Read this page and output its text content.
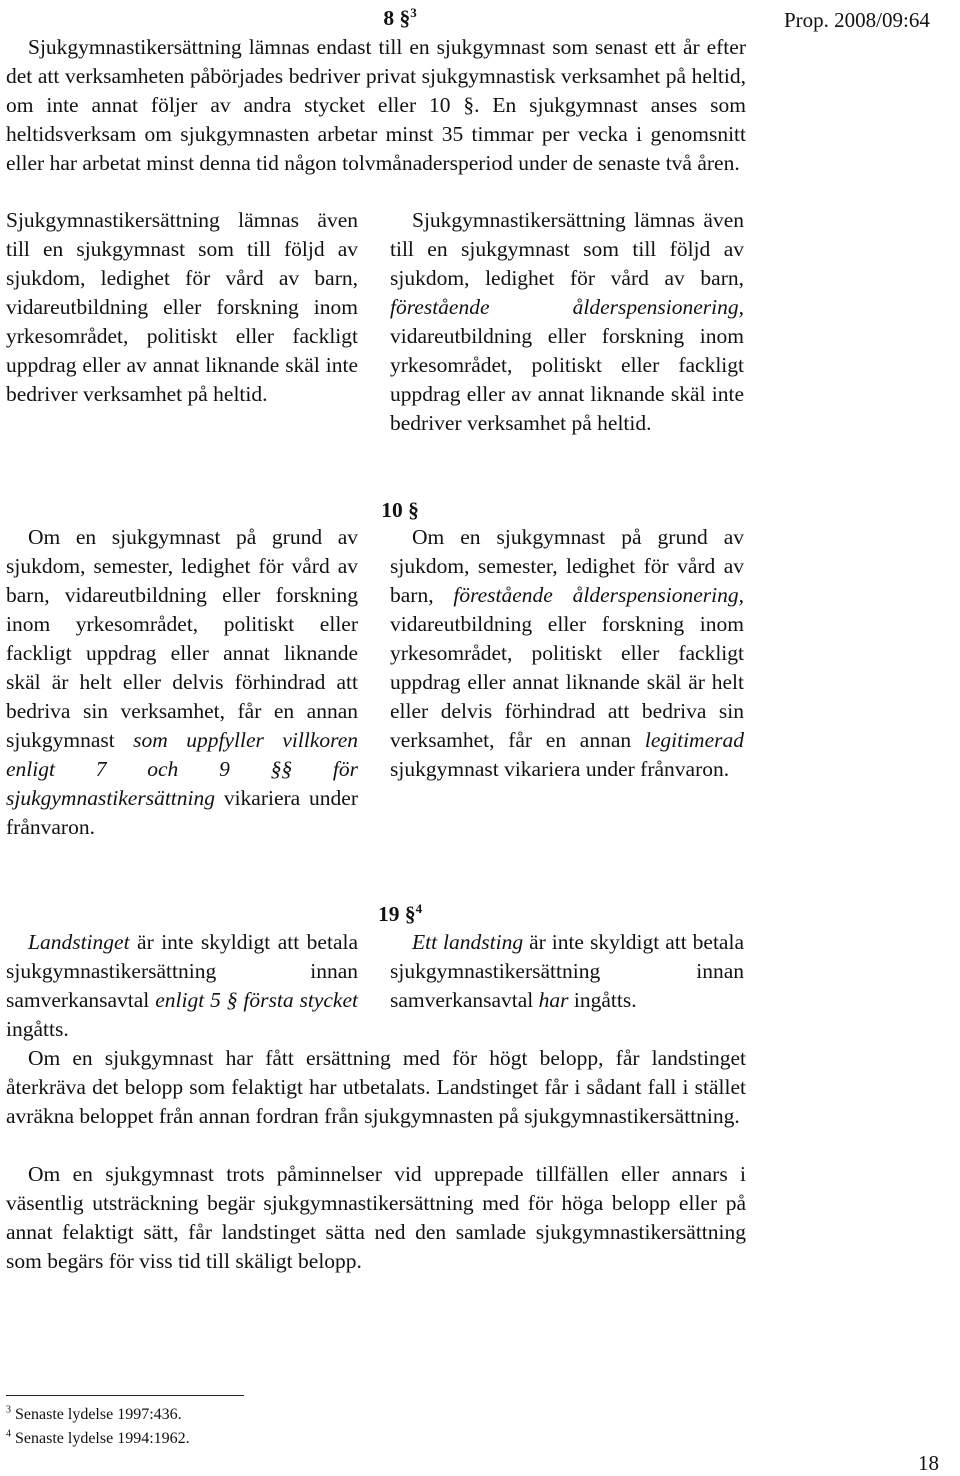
Prop. 2008/09:64
8 §$^3$

Sjukgymnastikersättning lämnas endast till en sjukgymnast som senast ett år efter det att verksamheten påbörjades bedriver privat sjukgymnastisk verksamhet på heltid, om inte annat följer av andra stycket eller 10 §. En sjukgymnast anses som heltidsverksam om sjukgymnasten arbetar minst 35 timmar per vecka i genomsnitt eller har arbetat minst denna tid någon tolvmånadersperiod under de senaste två åren.

Sjukgymnastikersättning lämnas även till en sjukgymnast som till följd av sjukdom, ledighet för vård av barn, vidareutbildning eller forskning inom yrkesområdet, politiskt eller fackligt uppdrag eller av annat liknande skäl inte bedriver verksamhet på heltid.

Sjukgymnastikersättning lämnas även till en sjukgymnast som till följd av sjukdom, ledighet för vård av barn, förestående ålderspensionering, vidareutbildning eller forskning inom yrkesområdet, politiskt eller fackligt uppdrag eller av annat liknande skäl inte bedriver verksamhet på heltid.

10 §

Om en sjukgymnast på grund av sjukdom, semester, ledighet för vård av barn, vidareutbildning eller forskning inom yrkesområdet, politiskt eller fackligt uppdrag eller annat liknande skäl är helt eller delvis förhindrad att bedriva sin verksamhet, får en annan sjukgymnast som uppfyller villkoren enligt 7 och 9 §§ för sjukgymnastikersättning vikariera under frånvaron.

Om en sjukgymnast på grund av sjukdom, semester, ledighet för vård av barn, förestående ålderspensionering, vidareutbildning eller forskning inom yrkesområdet, politiskt eller fackligt uppdrag eller annat liknande skäl är helt eller delvis förhindrad att bedriva sin verksamhet, får en annan legitimerad sjukgymnast vikariera under frånvaron.

19 §$^4$

Landstinget är inte skyldigt att betala sjukgymnastikersättning innan samverkansavtal enligt 5 § första stycket ingåtts.

Ett landsting är inte skyldigt att betala sjukgymnastikersättning innan samverkansavtal har ingåtts.

Om en sjukgymnast har fått ersättning med för högt belopp, får landstinget återkräva det belopp som felaktigt har utbetalats. Landstinget får i sådant fall i stället avräkna beloppet från annan fordran från sjukgymnasten på sjukgymnastikersättning.

Om en sjukgymnast trots påminnelser vid upprepade tillfällen eller annars i väsentlig utsträckning begär sjukgymnastikersättning med för höga belopp eller på annat felaktigt sätt, får landstinget sätta ned den samlade sjukgymnastikersättning som begärs för viss tid till skäligt belopp.

$^3$ Senaste lydelse 1997:436.
$^4$ Senaste lydelse 1994:1962.
18
